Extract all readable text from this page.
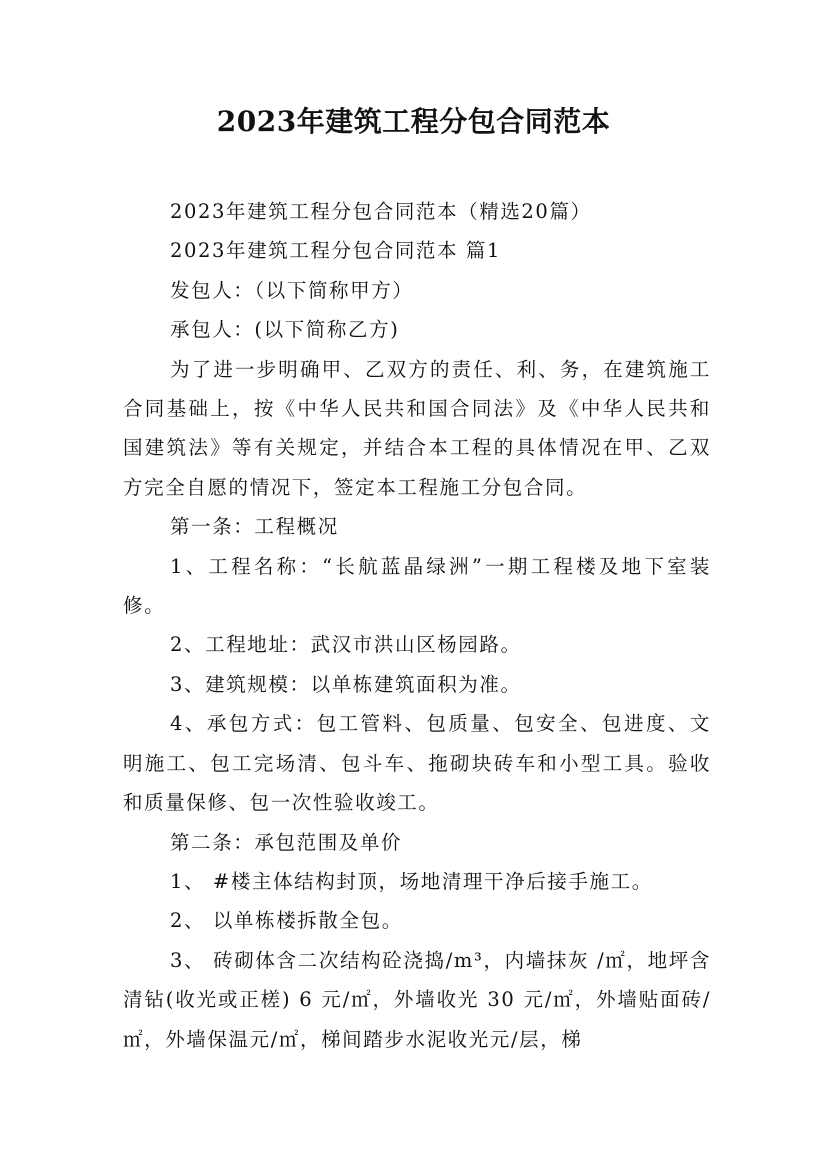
2023年建筑工程分包合同范本

2023年建筑工程分包合同范本（精选20篇）

2023年建筑工程分包合同范本 篇1

发包人：（以下简称甲方）

承包人：(以下简称乙方)

为了进一步明确甲、乙双方的责任、利、务，在建筑施工合同基础上，按《中华人民共和国合同法》及《中华人民共和国建筑法》等有关规定，并结合本工程的具体情况在甲、乙双方完全自愿的情况下，签定本工程施工分包合同。

第一条：工程概况

1、工程名称：“长航蓝晶绿洲”一期工程楼及地下室装修。

2、工程地址：武汉市洪山区杨园路。

3、建筑规模：以单栋建筑面积为准。

4、承包方式：包工管料、包质量、包安全、包进度、文明施工、包工完场清、包斗车、拖砌块砖车和小型工具。验收和质量保修、包一次性验收竣工。

第二条：承包范围及单价

1、 #楼主体结构封顶，场地清理干净后接手施工。

2、 以单栋楼拆散全包。

3、 砖砌体含二次结构砼浇捣/m³，内墙抹灰 /㎡，地坪含清钻(收光或正槎) 6 元/㎡，外墙收光 30 元/㎡，外墙贴面砖/㎡，外墙保温元/㎡，梯间踏步水泥收光元/层，梯
